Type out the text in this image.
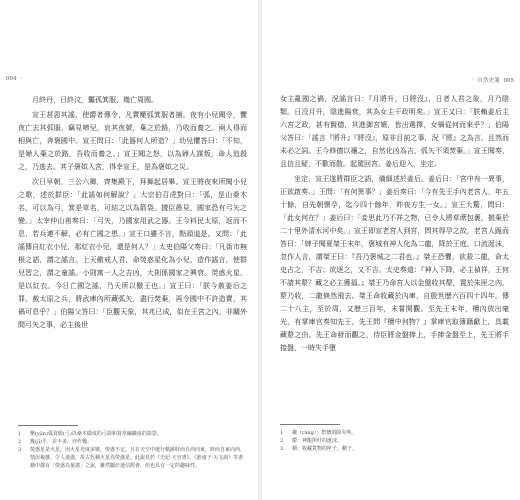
004 ·

月終丹，日終汶，黶孤箕服，幾亡周國。

宣王甚惡其謠，使爵者傳令，凡賣檿弧箕服者捕。夜有小兒聞令，懼夜亡去其弧服，竊見啼兒，哀其夜號，棄之於路，乃收而養之。兩人得而相與亡，奔褒國中。宣王問曰：「此器何人所造？」幼兒懼答曰：「不知，是婦人棄之於路，吾收而養之。」宣王聞之怒，以為婦人謀叛，命人追殺之，乃逃去。其子褒姒入宮，得幸宣王，是為褒姒之災。

次日早朝，三公六卿，齊集殿下，拜舞起居畢。宣王將夜來所聞小兒之歌，述於群臣：「此謠如何解說？」大宗伯召虎對曰：「弧，是山桑木名，可以為弓，箕是草名，可結之以為箭袋。據臣愚見，國家恐有弓矢之變。」太宰仲山甫奏曰：「弓矢，乃國家用武之器。王今料民太原，返而不息，若兵連不解，必有亡國之患。」宣王口雖不言，點頭道是。又問：「此謠傳自紅衣小兒，那紅衣小兒，還是何人？」太史伯陽父奏曰：「凡街市無根之語，謂之謠言。上天儆戒人君，命熒惑星化為小兒，造作謠言，使群兒習之，謂之童謠。小則寓一人之吉凶，大則係國家之興衰。熒惑火星，是以紅衣。今日亡國之謠，乃天所以儆王也。」宣王曰：「朕今赦姜后之罪，赦太原之兵，將武庫內所藏弧矢，盡行焚棄，再令國中不許造賣，其禍可息乎？」伯陽父答曰：「臣觀天象，其兆已成，似在王宮之內，非關外間弓矢之事，必主後世

1	壓(yǎn)弧箕服(弓)以桑木做成的弓箭和箕草編織成的箭袋。
2	幾(jī)乎，差不多，亦作幾。
3	熒惑星是火星，因火星光度多變，熒惑不定，且在天空中運行軌跡時而自西向東，時而自東向西，情況複雜，令人迷惑，故古代稱火星為熒惑星。此說見於《史記·天官書》、《淮南子·天文訓》等書籍中都有「熒惑為童謠」之說，雖然屬於迷信附會，但也具有一定的趣味性。
· 自然史箋 005

女主亂國之禍，況謠言曰：『月將升，日將沒』，日者人君之象，月乃陰類。日沒月升，陰進陽衰，其為女主干政明矣。」宣王又曰：「朕賴姜后主六宮之政，甚有賢德，其進御宮嬪，皆出選擇，女禍從何而來乎？」伯陽父答曰：「謠言『將升』『將沒』，原非目前之事，況『將』之為言，且然而未必之詞。王今修德以禳之，自然化凶為吉，弧矢不須焚棄。」宣王聞奏，且信且疑，不歡而散。起駕回宮。姜后迎入，坐定。

坐定，宣王遂將群臣之語，備細述於姜后。姜后曰：「宮中有一異事，正欲啟奏。」王問：「有何異事？」姜后奏曰：「今有先王手內老宮人，年五十餘，自先朝懷孕，迄今四十餘年，昨夜方生一女。」宣王大驚，問曰：「此女何在？」姜后曰：「妾思此乃不祥之物，已令人將草蓆包裹，拋棄於二十里外清水河中矣。」宣王即宣老宮人到宮，問其得孕之故，老宮人跪而答曰：「婢子聞夏桀王末年，褒城有神人化為二龍，降於王庭，口流涎沫，忽作人言，謂桀王曰：『吾乃褒城之二君也。』桀王恐懼，欲殺二龍，命太史占之，不吉；欲逐之，又不吉。太史奏道：『神人下降，必主禎祥，王何不請其漦？藏之必主獲福。』桀王乃命宮人以金盤收其漦，置於朱匣之內，漦乃收，二龍倏然飛去。桀王命收藏於內庫，自殷世歷六百四十四年，傳二十八主，至於周，又歷三百年，未嘗開觀。至先王末年，櫝內放出毫光，有掌庫官奏知先王，先王問『櫝中何物？』掌庫官取簿籍獻上，具載藏漦之由。先王命發而觀之，侍臣將金盤捧上，手捧金盤至上，先王將手接盤，一時失手墮

1	禳（ráng）：祭禱消除災殃。
2	漦：神龍所吐的涎沫。
3	櫝：收藏貨物的匣子，櫃子。
